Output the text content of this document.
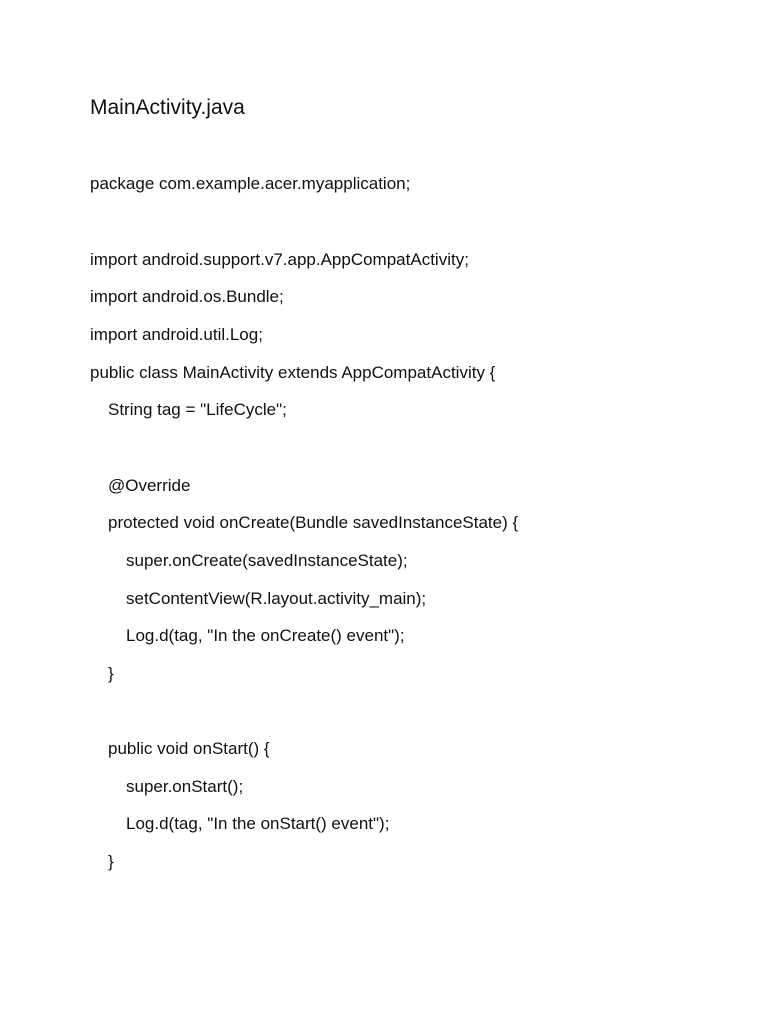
MainActivity.java
package com.example.acer.myapplication;
import android.support.v7.app.AppCompatActivity;
import android.os.Bundle;
import android.util.Log;
public class MainActivity extends AppCompatActivity {
String tag = "LifeCycle";
@Override
protected void onCreate(Bundle savedInstanceState) {
super.onCreate(savedInstanceState);
setContentView(R.layout.activity_main);
Log.d(tag, "In the onCreate() event");
}
public void onStart() {
super.onStart();
Log.d(tag, "In the onStart() event");
}
